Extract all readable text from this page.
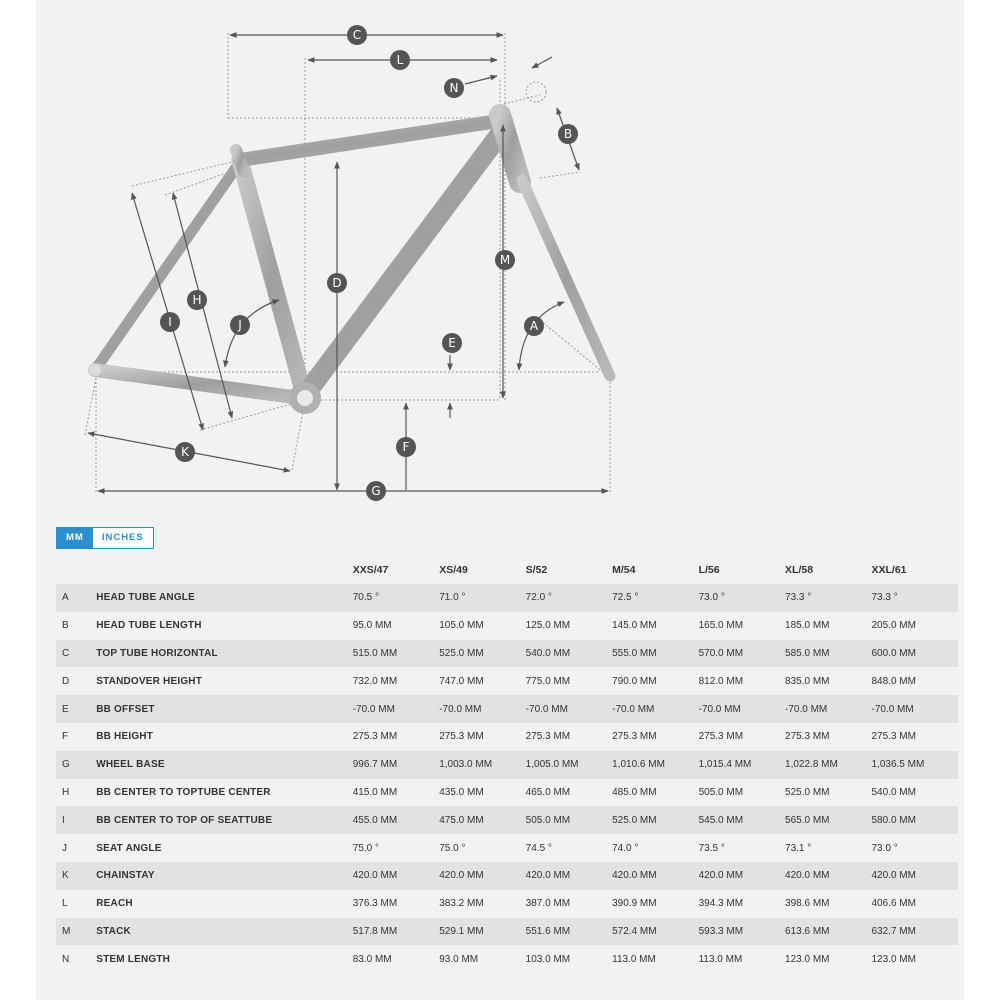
C
L
N
B
D
M
A
E
F
G
H
I	J
K
MM	INCHES
		XXS/47	XS/49	S/52	M/54	L/56	XL/58	XXL/61
A	HEAD TUBE ANGLE	70.5 °	71.0 °	72.0 °	72.5 °	73.0 °	73.3 °	73.3 °
B	HEAD TUBE LENGTH	95.0 MM	105.0 MM	125.0 MM	145.0 MM	165.0 MM	185.0 MM	205.0 MM
C	TOP TUBE HORIZONTAL	515.0 MM	525.0 MM	540.0 MM	555.0 MM	570.0 MM	585.0 MM	600.0 MM
D	STANDOVER HEIGHT	732.0 MM	747.0 MM	775.0 MM	790.0 MM	812.0 MM	835.0 MM	848.0 MM
E	BB OFFSET	-70.0 MM	-70.0 MM	-70.0 MM	-70.0 MM	-70.0 MM	-70.0 MM	-70.0 MM
F	BB HEIGHT	275.3 MM	275.3 MM	275.3 MM	275.3 MM	275.3 MM	275.3 MM	275.3 MM
G	WHEEL BASE	996.7 MM	1,003.0 MM	1,005.0 MM	1,010.6 MM	1,015.4 MM	1,022.8 MM	1,036.5 MM
H	BB CENTER TO TOPTUBE CENTER	415.0 MM	435.0 MM	465.0 MM	485.0 MM	505.0 MM	525.0 MM	540.0 MM
I	BB CENTER TO TOP OF SEATTUBE	455.0 MM	475.0 MM	505.0 MM	525.0 MM	545.0 MM	565.0 MM	580.0 MM
J	SEAT ANGLE	75.0 °	75.0 °	74.5 °	74.0 °	73.5 °	73.1 °	73.0 °
K	CHAINSTAY	420.0 MM	420.0 MM	420.0 MM	420.0 MM	420.0 MM	420.0 MM	420.0 MM
L	REACH	376.3 MM	383.2 MM	387.0 MM	390.9 MM	394.3 MM	398.6 MM	406.6 MM
M	STACK	517.8 MM	529.1 MM	551.6 MM	572.4 MM	593.3 MM	613.6 MM	632.7 MM
N	STEM LENGTH	83.0 MM	93.0 MM	103.0 MM	113.0 MM	113.0 MM	123.0 MM	123.0 MM
